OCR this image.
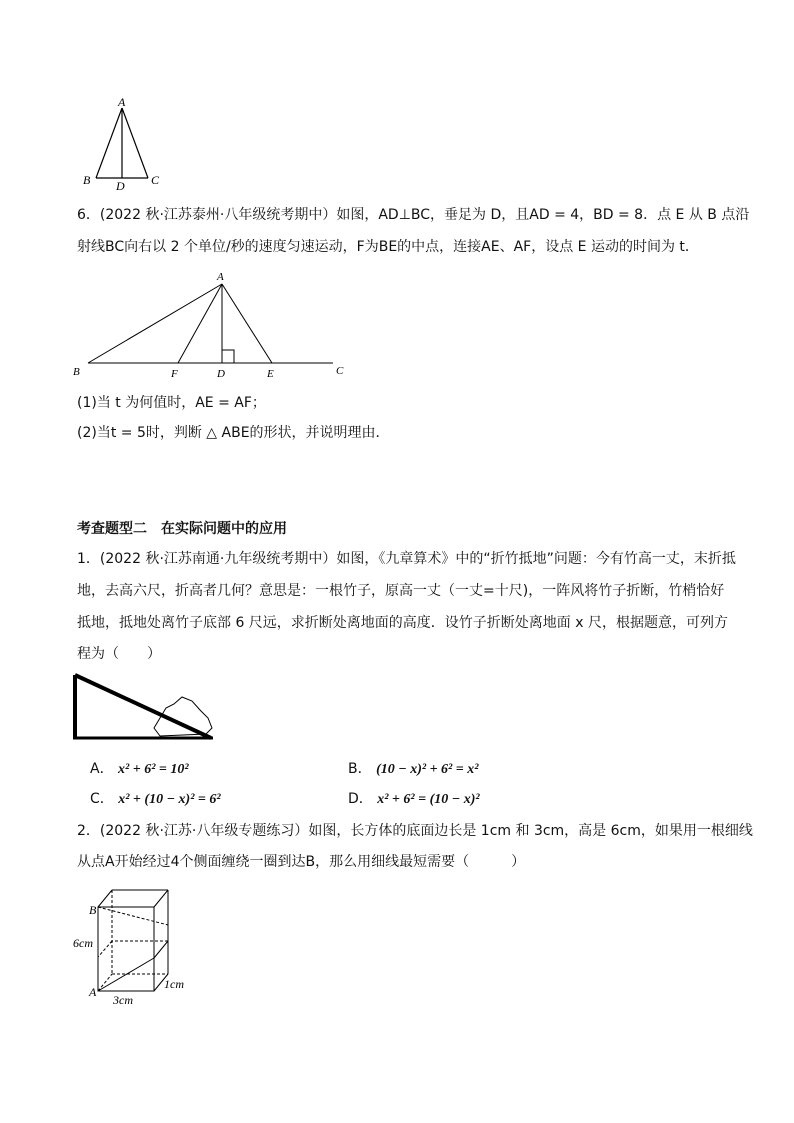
A
B D C
6．(2022 秋·江苏泰州·八年级统考期中）如图，AD⊥BC，垂足为 D，且AD = 4，BD = 8．点 E 从 B 点沿
射线BC向右以 2 个单位/秒的速度匀速运动，F为BE的中点，连接AE、AF，设点 E 运动的时间为 t．
A
B	F	D	E	C
(1)当 t 为何值时，AE = AF；
(2)当t = 5时，判断 △ ABE的形状，并说明理由．
考查题型二　在实际问题中的应用
1．(2022 秋·江苏南通·九年级统考期中）如图，《九章算术》中的“折竹抵地”问题：今有竹高一丈，末折抵
地，去高六尺，折高者几何？意思是：一根竹子，原高一丈（一丈=十尺)，一阵风将竹子折断，竹梢恰好
抵地，抵地处离竹子底部 6 尺远，求折断处离地面的高度．设竹子折断处离地面 x 尺，根据题意，可列方
程为（　　）
A． x² + 6² = 10²	B． (10 − x)² + 6² = x²
C． x² + (10 − x)² = 6²	D． x² + 6² = (10 − x)²
2．(2022 秋·江苏·八年级专题练习）如图，长方体的底面边长是 1cm 和 3cm，高是 6cm，如果用一根细线
从点A开始经过4个侧面缠绕一圈到达B，那么用细线最短需要（　　　）
B
A
6cm
3cm
1cm
